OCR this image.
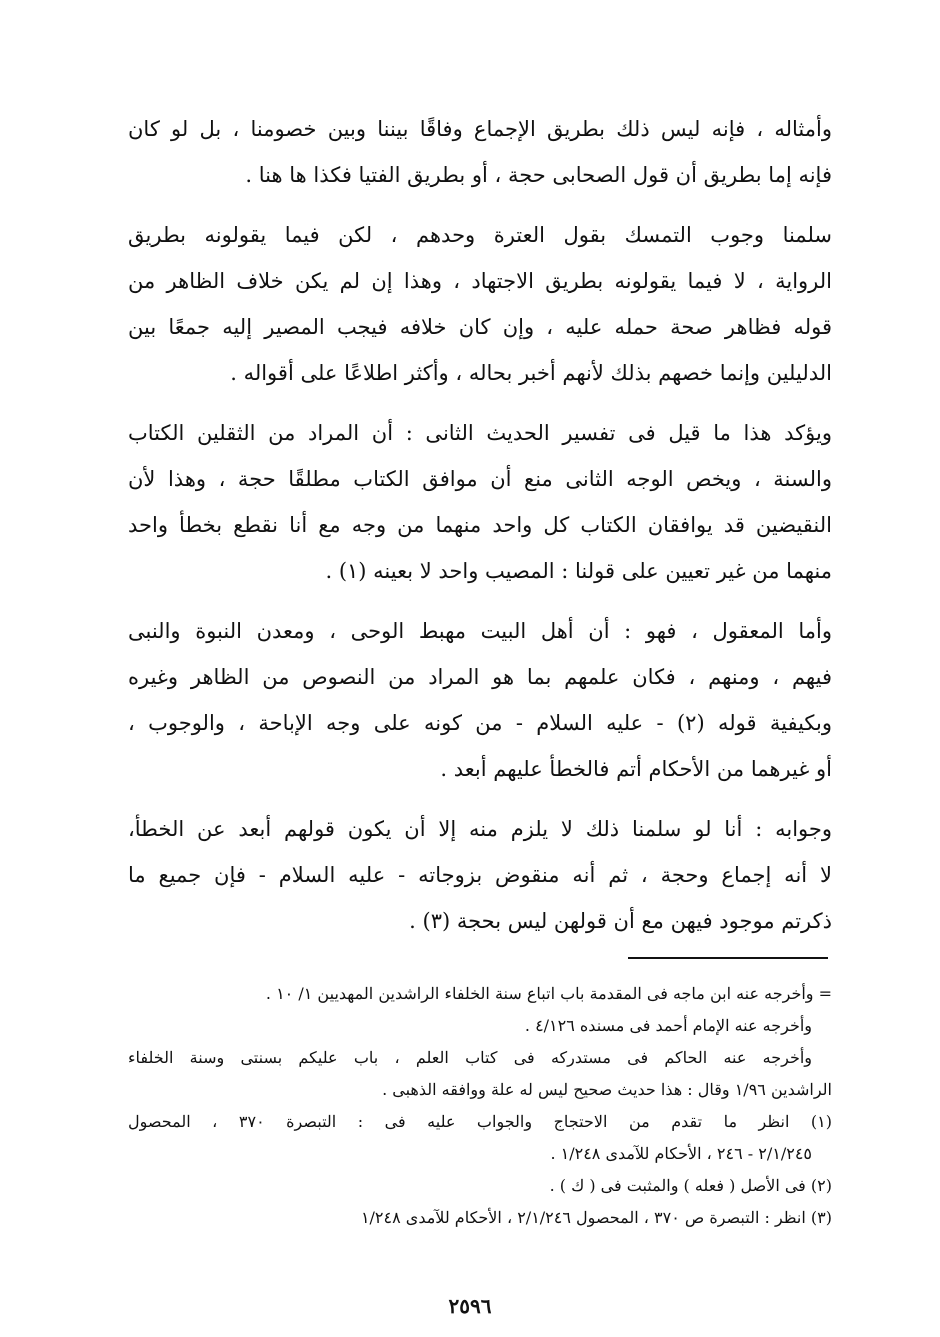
وأمثاله ، فإنه ليس ذلك بطريق الإجماع وفاقًا بيننا وبين خصومنا ، بل لو كان
فإنه إما بطريق أن قول الصحابى حجة ، أو بطريق الفتيا فكذا ها هنا .
سلمنا وجوب التمسك بقول العترة وحدهم ، لكن فيما يقولونه بطريق
الرواية ، لا فيما يقولونه بطريق الاجتهاد ، وهذا إن لم يكن خلاف الظاهر من
قوله فظاهر صحة حمله عليه ، وإن كان خلافه فيجب المصير إليه جمعًا بين
الدليلين وإنما خصهم بذلك لأنهم أخبر بحاله ، وأكثر اطلاعًا على أقواله .
ويؤكد هذا ما قيل فى تفسير الحديث الثانى : أن المراد من الثقلين الكتاب
والسنة ، ويخص الوجه الثانى منع أن موافق الكتاب مطلقًا حجة ، وهذا لأن
النقيضين قد يوافقان الكتاب كل واحد منهما من وجه مع أنا نقطع بخطأ واحد
منهما من غير تعيين على قولنا : المصيب واحد لا بعينه (١) .
وأما المعقول ، فهو : أن أهل البيت مهبط الوحى ، ومعدن النبوة والنبى
فيهم ، ومنهم ، فكان علمهم بما هو المراد من النصوص من الظاهر وغيره
وبكيفية قوله (٢) - عليه السلام - من كونه على وجه الإباحة ، والوجوب ،
أو غيرهما من الأحكام أتم فالخطأ عليهم أبعد .
وجوابه : أنا لو سلمنا ذلك لا يلزم منه إلا أن يكون قولهم أبعد عن الخطأ،
لا أنه إجماع وحجة ، ثم أنه منقوض بزوجاته - عليه السلام - فإن جميع ما
ذكرتم موجود فيهن مع أن قولهن ليس بحجة (٣) .
= وأخرجه عنه ابن ماجه فى المقدمة باب اتباع سنة الخلفاء الراشدين المهديين ١/ ١٠ .
وأخرجه عنه الإمام أحمد فى مسنده ٤/١٢٦ .
وأخرجه عنه الحاكم فى مستدركه فى كتاب العلم ، باب عليكم بسنتى وسنة الخلفاء
الراشدين ١/٩٦ وقال : هذا حديث صحيح ليس له علة ووافقه الذهبى .
(١) انظر ما تقدم من الاحتجاج والجواب عليه فى : التبصرة ٣٧٠ ، المحصول
٢/١/٢٤٥ - ٢٤٦ ، الأحكام للآمدى ١/٢٤٨ .
(٢) فى الأصل ( فعله ) والمثبت فى ( ك ) .
(٣) انظر : التبصرة ص ٣٧٠ ، المحصول ٢/١/٢٤٦ ، الأحكام للآمدى ١/٢٤٨
٢٥٩٦
